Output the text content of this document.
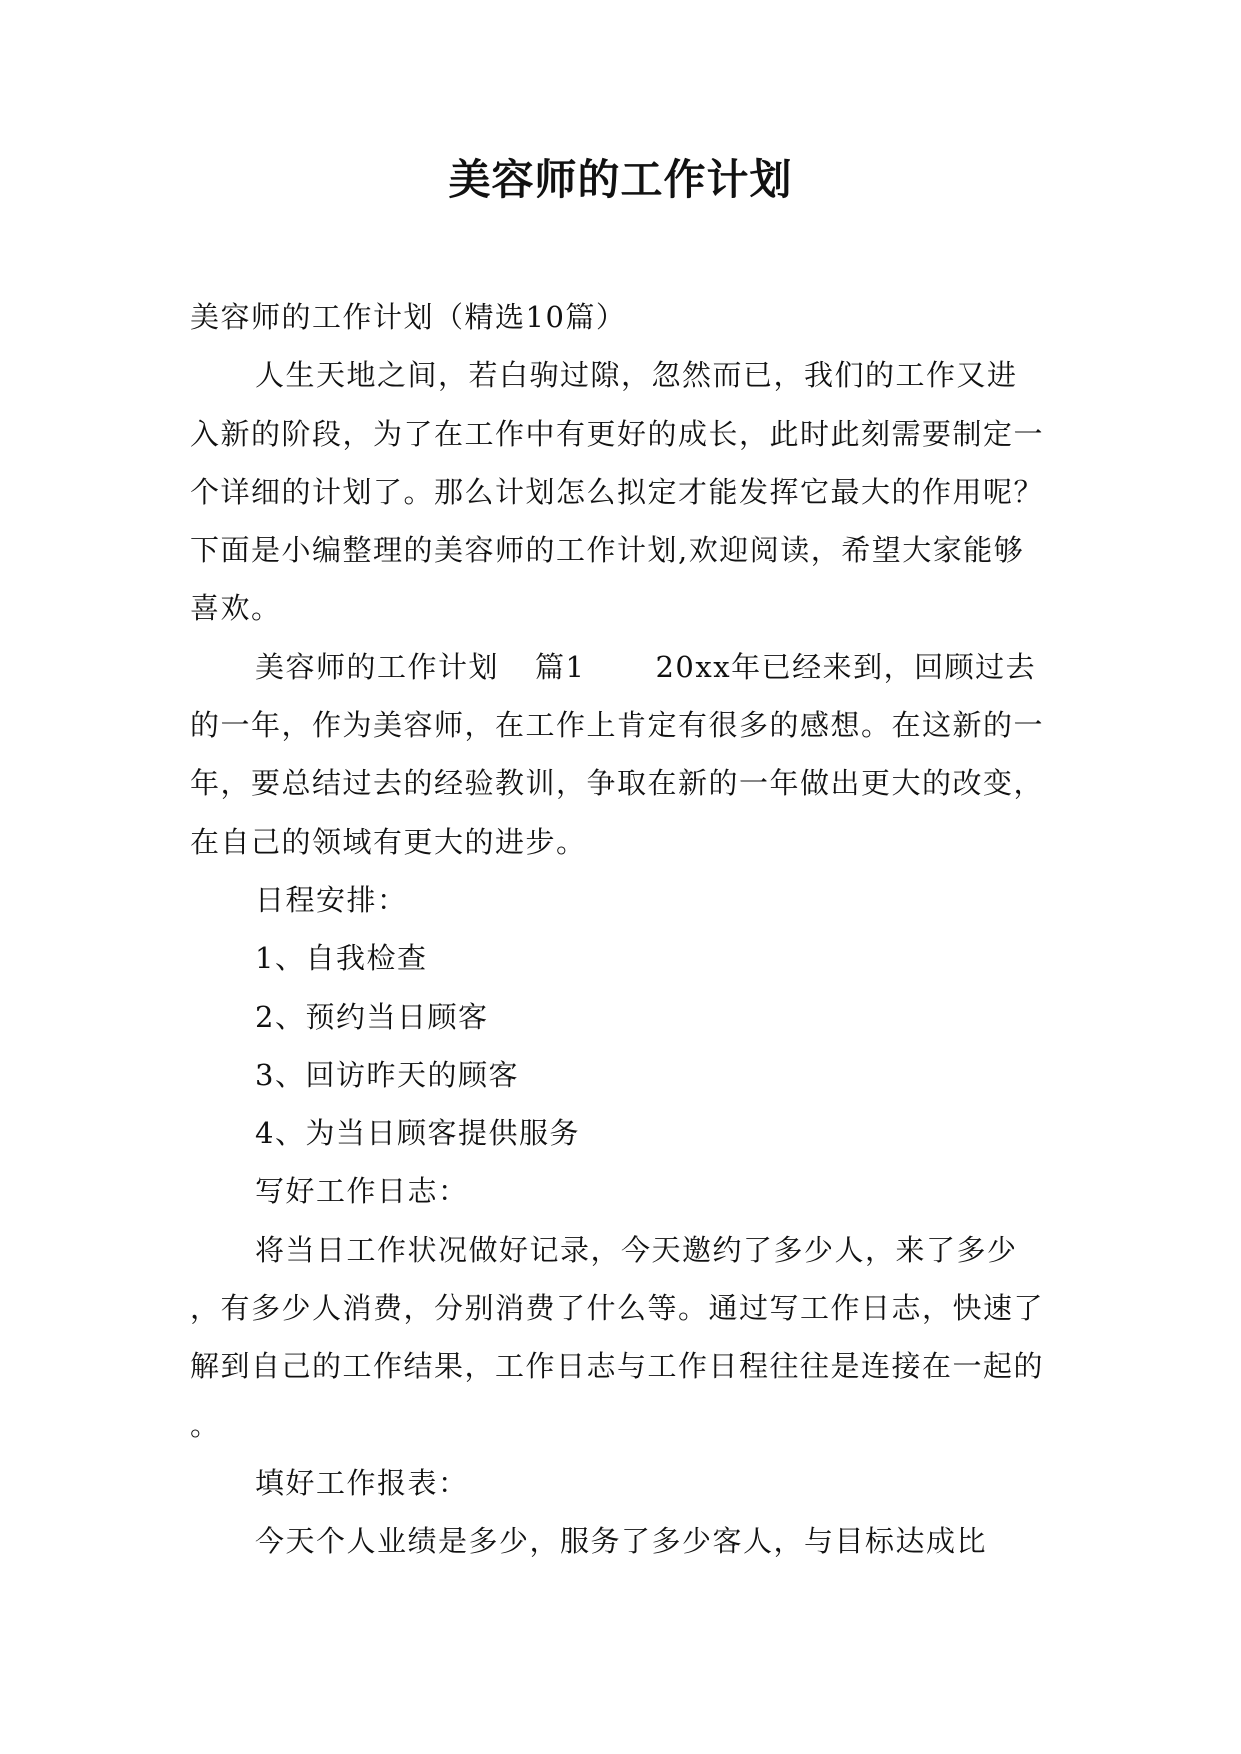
美容师的工作计划

美容师的工作计划（精选10篇）

人生天地之间，若白驹过隙，忽然而已，我们的工作又进入新的阶段，为了在工作中有更好的成长，此时此刻需要制定一个详细的计划了。那么计划怎么拟定才能发挥它最大的作用呢？下面是小编整理的美容师的工作计划,欢迎阅读，希望大家能够喜欢。

美容师的工作计划 篇1 20xx年已经来到，回顾过去的一年，作为美容师，在工作上肯定有很多的感想。在这新的一年，要总结过去的经验教训，争取在新的一年做出更大的改变，在自己的领域有更大的进步。

日程安排：

1、自我检查

2、预约当日顾客

3、回访昨天的顾客

4、为当日顾客提供服务

写好工作日志：

将当日工作状况做好记录，今天邀约了多少人，来了多少，有多少人消费，分别消费了什么等。通过写工作日志，快速了解到自己的工作结果，工作日志与工作日程往往是连接在一起的。

填好工作报表：

今天个人业绩是多少，服务了多少客人，与目标达成比
